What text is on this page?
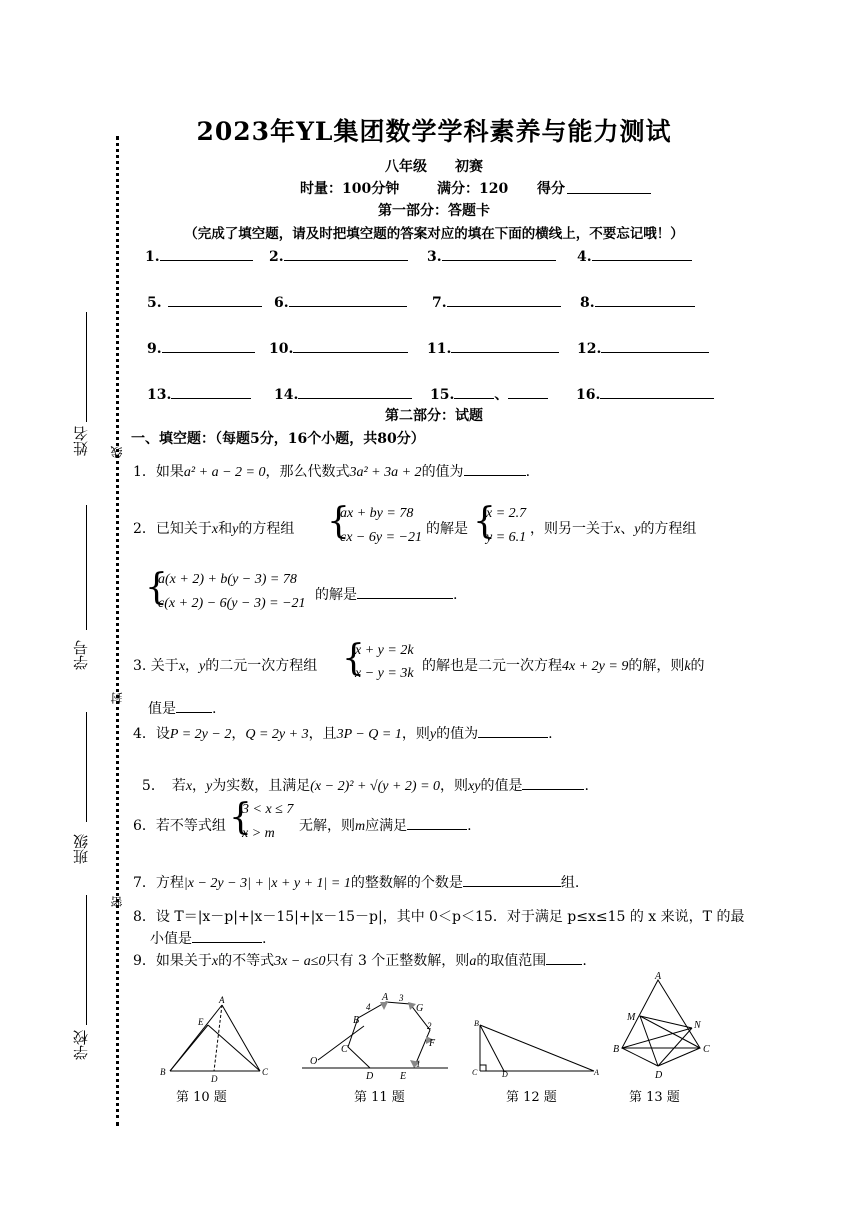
姓名 线
学号
封
班级
密
学校
2023年YL集团数学学科素养与能力测试
八年级　　初赛
时量：100分钟	满分：120 得分
第一部分：答题卡
（完成了填空题，请及时把填空题的答案对应的填在下面的横线上，不要忘记哦！）
1.	2.	3.	4.
5.	6.	7.	8.
9.	10.	11.	12.
13.	14.	15.	、	16.
第二部分：试题
一、填空题：（每题5分，16个小题，共80分）
1．如果a² + a − 2 = 0，那么代数式3a² + 3a + 2的值为	.
2．已知关于x和y的方程组 {
ax + by = 78
cx − 6y = −21
的解是 {
x = 2.7
y = 6.1
，则另一关于x、y的方程组
{
a(x + 2) + b(y − 3) = 78
c(x + 2) − 6(y − 3) = −21
的解是	.
3. 关于x，y的二元一次方程组 {
x + y = 2k
x − y = 3k 的解也是二元一次方程4x + 2y = 9的解，则k的
值是	.
4．设P = 2y − 2，Q = 2y + 3，且3P − Q = 1，则y的值为	.

5．　若x，y为实数，且满足(x − 2)² + √(y + 2) = 0，则xy的值是	.

6．若不等式组 {
3 < x ≤ 7
x > m 无解，则m应满足	.
7．方程|x − 2y − 3| + |x + y + 1| = 1的整数解的个数是	组.
8．设 T＝|x－p|+|x－15|+|x－15－p|，其中 0＜p＜15．对于满足 p≤x≤15 的 x 来说，T 的最
小值是	.
9．如果关于x的不等式3x − a≤0只有 3 个正整数解，则a的取值范围	.
A
E
B
D
C
第 10 题
A
4
3
G
B	2
F
C
O
D	E
1
第 11 题
B
C	D	A
第 12 题
A
M
N
B	C
D
第 13 题
